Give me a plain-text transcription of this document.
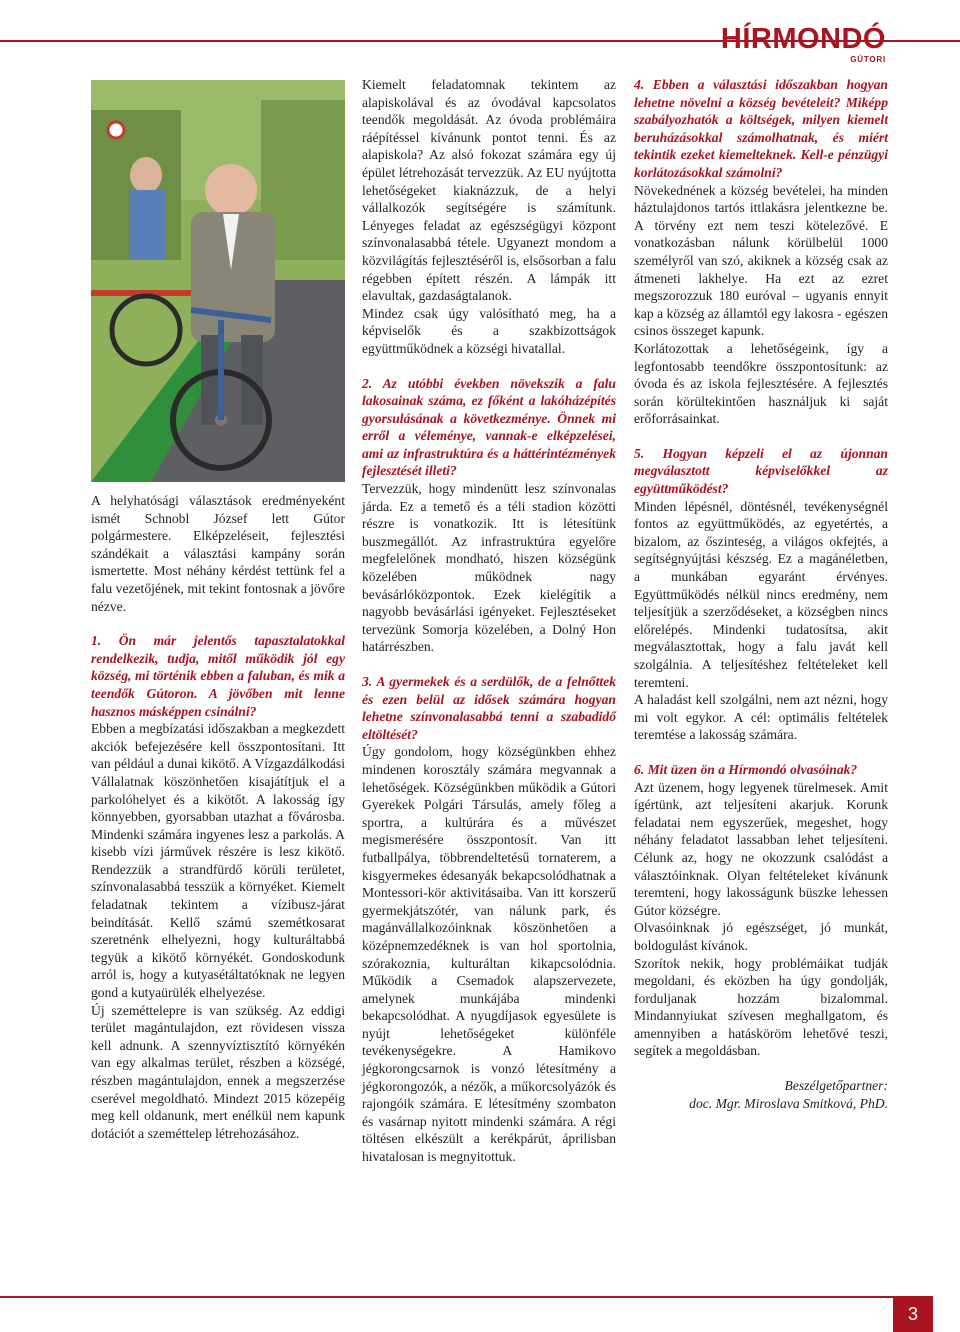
HÍRMONDÓ
GÚTORI

A helyhatósági választások eredményeként ismét Schnobl József lett Gútor polgármestere. Elképzeléseit, fejlesztési szándékait a választási kampány során ismertette. Most néhány kérdést tettünk fel a falu vezetőjének, mit tekint fontosnak a jövőre nézve.

1. Ön már jelentős tapasztalatokkal rendelkezik, tudja, mitől működik jól egy község, mi történik ebben a faluban, és mik a teendők Gútoron. A jövőben mit lenne hasznos másképpen csinálni?

Ebben a megbízatási időszakban a megkezdett akciók befejezésére kell összpontosítani. Itt van például a dunai kikötő. A Vízgazdálkodási Vállalatnak köszönhetően kisajátítjuk el a parkolóhelyet és a kikötőt. A lakosság így könnyebben, gyorsabban utazhat a fővárosba. Mindenki számára ingyenes lesz a parkolás. A kisebb vízi járművek részére is lesz kikötő. Rendezzük a strandfürdő körüli területet, színvonalasabbá tesszük a környéket. Kiemelt feladatnak tekintem a vízibusz-járat beindítását. Kellő számú szemétkosarat szeretnénk elhelyezni, hogy kulturáltabbá tegyük a kikötő környékét. Gondoskodunk arról is, hogy a kutyasétáltatóknak ne legyen gond a kutyaürülék elhelyezése.

Új szeméttelepre is van szükség. Az eddigi terület magántulajdon, ezt rövidesen vissza kell adnunk. A szennyvíztisztító környékén van egy alkalmas terület, részben a községé, részben magántulajdon, ennek a megszerzése cserével megoldható. Mindezt 2015 közepéig meg kell oldanunk, mert enélkül nem kapunk dotációt a szeméttelep létrehozásához.

Kiemelt feladatomnak tekintem az alapiskolával és az óvodával kapcsolatos teendők megoldását. Az óvoda problémáira ráépítéssel kívánunk pontot tenni. És az alapiskola? Az alsó fokozat számára egy új épület létrehozását tervezzük. Az EU nyújtotta lehetőségeket kiaknázzuk, de a helyi vállalkozók segítségére is számítunk. Lényeges feladat az egészségügyi központ színvonalasabbá tétele. Ugyanezt mondom a közvilágítás fejlesztéséről is, elsősorban a falu régebben épített részén. A lámpák itt elavultak, gazdaságtalanok.

Mindez csak úgy valósítható meg, ha a képviselők és a szakbizottságok együttműködnek a községi hivatallal.

2. Az utóbbi években növekszik a falu lakosainak száma, ez főként a lakóházépítés gyorsulásának a következménye. Önnek mi erről a véleménye, vannak-e elképzelései, ami az infrastruktúra és a háttérintézmények fejlesztését illeti?

Tervezzük, hogy mindenütt lesz színvonalas járda. Ez a temető és a téli stadion közötti részre is vonatkozik. Itt is létesítünk buszmegállót. Az infrastruktúra egyelőre megfelelőnek mondható, hiszen községünk közelében működnek nagy bevásárlóközpontok. Ezek kielégítik a nagyobb bevásárlási igényeket. Fejlesztéseket tervezünk Somorja közelében, a Dolný Hon határrészben.

3. A gyermekek és a serdülők, de a felnőttek és ezen belül az idősek számára hogyan lehetne színvonalasabbá tenni a szabadidő eltöltését?

Úgy gondolom, hogy községünkben ehhez mindenen korosztály számára megvannak a lehetőségek. Községünkben működik a Gútori Gyerekek Polgári Társulás, amely főleg a sportra, a kultúrára és a művészet megismerésére összpontosít. Van itt futballpálya, többrendeltetésű tornaterem, a kisgyermekes édesanyák bekapcsolódhatnak a Montessori-kör aktivitásaiba. Van itt korszerű gyermekjátszótér, van nálunk park, és magánvállalkozóinknak köszönhetően a középnemzedéknek is van hol sportolnia, szórakoznia, kulturáltan kikapcsolódnia. Működik a Csemadok alapszervezete, amelynek munkájába mindenki bekapcsolódhat. A nyugdíjasok egyesülete is nyújt lehetőségeket különféle tevékenységekre. A Hamikovo jégkorongcsarnok is vonzó létesítmény a jégkorongozók, a nézők, a műkorcsolyázók és rajongóik számára. E létesítmény szombaton és vasárnap nyitott mindenki számára. A régi töltésen elkészült a kerékpárút, áprilisban hivatalosan is megnyitottuk.

4. Ebben a választási időszakban hogyan lehetne növelni a község bevételeit? Miképp szabályozhatók a költségek, milyen kiemelt beruházásokkal számolhatnak, és miért tekintik ezeket kiemelteknek. Kell-e pénzügyi korlátozásokkal számolni?

Növekednének a község bevételei, ha minden háztulajdonos tartós ittlakásra jelentkezne be. A törvény ezt nem teszi kötelezővé. E vonatkozásban nálunk körülbelül 1000 személyről van szó, akiknek a község csak az átmeneti lakhelye. Ha ezt az ezret megszorozzuk 180 euróval – ugyanis ennyit kap a község az államtól egy lakosra - egészen csinos összeget kapunk.

Korlátozottak a lehetőségeink, így a legfontosabb teendőkre összpontosítunk: az óvoda és az iskola fejlesztésére. A fejlesztés során körültekintően használjuk ki saját erőforrásainkat.

5. Hogyan képzeli el az újonnan megválasztott képviselőkkel az együttműködést?

Minden lépésnél, döntésnél, tevékenységnél fontos az együttműködés, az egyetértés, a bizalom, az őszinteség, a világos okfejtés, a segítségnyújtási készség. Ez a magánéletben, a munkában egyaránt érvényes. Együttműködés nélkül nincs eredmény, nem teljesítjük a szerződéseket, a községben nincs előrelépés. Mindenki tudatosítsa, akit megválasztottak, hogy a falu javát kell szolgálnia. A teljesítéshez feltételeket kell teremteni.

A haladást kell szolgálni, nem azt nézni, hogy mi volt egykor. A cél: optimális feltételek teremtése a lakosság számára.

6. Mit üzen ön a Hírmondó olvasóinak?

Azt üzenem, hogy legyenek türelmesek. Amit ígértünk, azt teljesíteni akarjuk. Korunk feladatai nem egyszerűek, megeshet, hogy néhány feladatot lassabban lehet teljesíteni. Célunk az, hogy ne okozzunk csalódást a választóinknak. Olyan feltételeket kívánunk teremteni, hogy lakosságunk büszke lehessen Gútor községre.

Olvasóinknak jó egészséget, jó munkát, boldogulást kívánok.

Szorítok nekik, hogy problémáikat tudják megoldani, és eközben ha úgy gondolják, forduljanak hozzám bizalommal. Mindannyiukat szívesen meghallgatom, és amennyiben a hatásköröm lehetővé teszi, segítek a megoldásban.

Beszélgetőpartner:

doc. Mgr. Miroslava Smitková, PhD.

3
